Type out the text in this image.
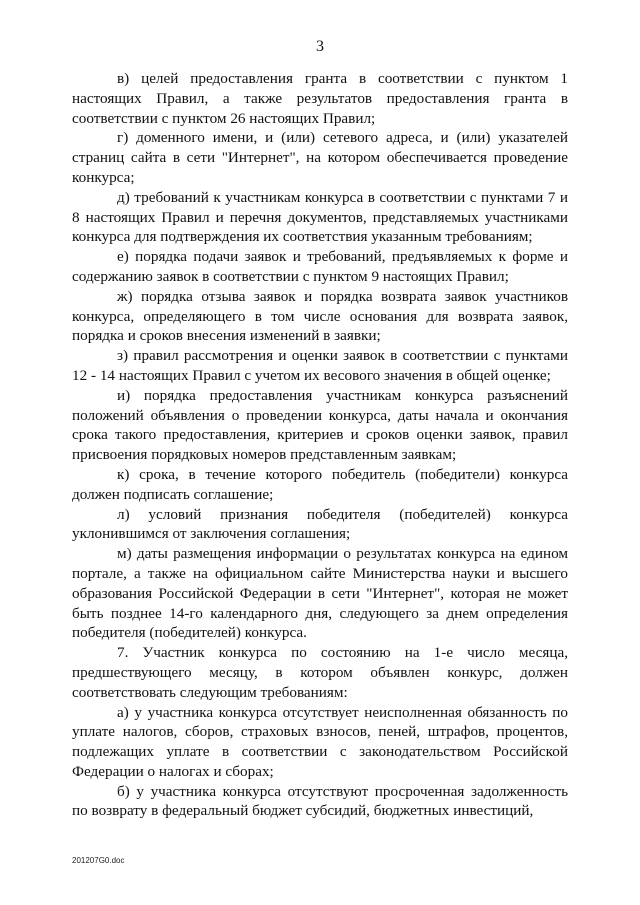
3

в) целей предоставления гранта в соответствии с пунктом 1 настоящих Правил, а также результатов предоставления гранта в соответствии с пунктом 26 настоящих Правил;

г) доменного имени, и (или) сетевого адреса, и (или) указателей страниц сайта в сети "Интернет", на котором обеспечивается проведение конкурса;

д) требований к участникам конкурса в соответствии с пунктами 7 и 8 настоящих Правил и перечня документов, представляемых участниками конкурса для подтверждения их соответствия указанным требованиям;

е) порядка подачи заявок и требований, предъявляемых к форме и содержанию заявок в соответствии с пунктом 9 настоящих Правил;

ж) порядка отзыва заявок и порядка возврата заявок участников конкурса, определяющего в том числе основания для возврата заявок, порядка и сроков внесения изменений в заявки;

з) правил рассмотрения и оценки заявок в соответствии с пунктами 12 - 14 настоящих Правил с учетом их весового значения в общей оценке;

и) порядка предоставления участникам конкурса разъяснений положений объявления о проведении конкурса, даты начала и окончания срока такого предоставления, критериев и сроков оценки заявок, правил присвоения порядковых номеров представленным заявкам;

к) срока, в течение которого победитель (победители) конкурса должен подписать соглашение;

л) условий признания победителя (победителей) конкурса уклонившимся от заключения соглашения;

м) даты размещения информации о результатах конкурса на едином портале, а также на официальном сайте Министерства науки и высшего образования Российской Федерации в сети "Интернет", которая не может быть позднее 14-го календарного дня, следующего за днем определения победителя (победителей) конкурса.

7. Участник конкурса по состоянию на 1-е число месяца, предшествующего месяцу, в котором объявлен конкурс, должен соответствовать следующим требованиям:

а) у участника конкурса отсутствует неисполненная обязанность по уплате налогов, сборов, страховых взносов, пеней, штрафов, процентов, подлежащих уплате в соответствии с законодательством Российской Федерации о налогах и сборах;

б) у участника конкурса отсутствуют просроченная задолженность по возврату в федеральный бюджет субсидий, бюджетных инвестиций,

201207G0.doc
